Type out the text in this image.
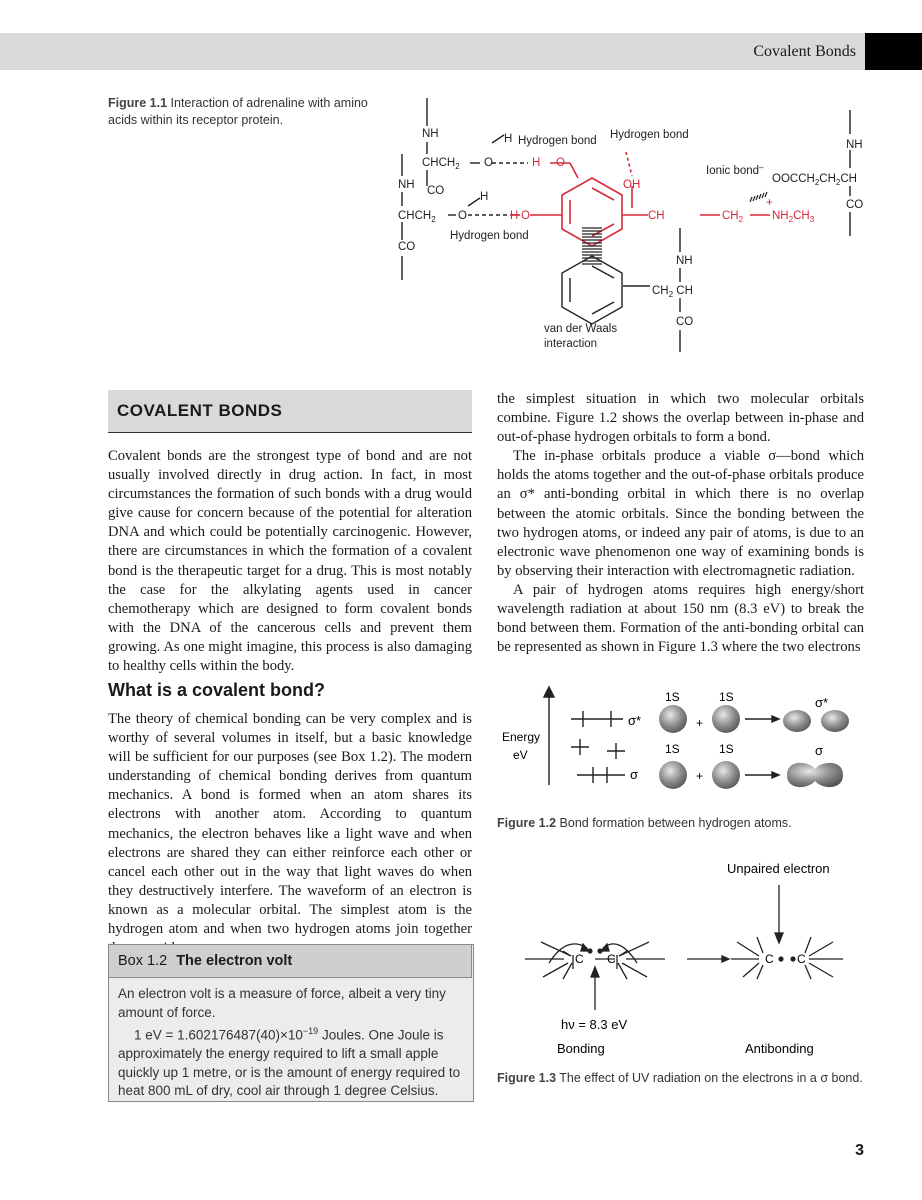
Covalent Bonds
Figure 1.1 Interaction of adrenaline with amino acids within its receptor protein.
NH
$CHCH_2$ O	H O
H Hydrogen bond Hydrogen bond
CO
NH
H
$CHCH_2$ O	H O
Hydrogen bond
CO
OH
CH	$CH_2$	$NH_2CH_3$
+
Ionic bond–
$OOCCH_2CH_2CH$
NH
CO
NH
$CH_2$ CH
CO
van der Waals
interaction
COVALENT BONDS

Covalent bonds are the strongest type of bond and are not usually involved directly in drug action. In fact, in most circumstances the formation of such bonds with a drug would give cause for concern because of the potential for alteration DNA and which could be potentially carcinogenic. However, there are circumstances in which the formation of a covalent bond is the therapeutic target for a drug. This is most notably the case for the alkylating agents used in cancer chemotherapy which are designed to form covalent bonds with the DNA of the cancerous cells and prevent them growing. As one might imagine, this process is also damaging to healthy cells within the body.

What is a covalent bond?

The theory of chemical bonding can be very complex and is worthy of several volumes in itself, but a basic knowledge will be sufficient for our purposes (see Box 1.2). The modern understanding of chemical bonding derives from quantum mechanics. A bond is formed when an atom shares its electrons with another atom. According to quantum mechanics, the electron behaves like a light wave and when electrons are shared they can either reinforce each other or cancel each other out in the way that light waves do when they destructively interfere. The waveform of an electron is known as a molecular orbital. The simplest atom is the hydrogen atom and when two hydrogen atoms join together

Box 1.2 The electron volt

An electron volt is a measure of force, albeit a very tiny amount of force.

1 eV = $1.602176487(40)\times 10^{-19}$ Joules. One Joule is approximately the energy required to lift a small apple quickly up 1 metre, or is the amount of energy required to heat 800 mL of dry, cool air through 1 degree Celsius.

the simplest situation in which two molecular orbitals combine. Figure 1.2 shows the overlap between in-phase and out-of-phase hydrogen orbitals to form a bond.

The in-phase orbitals produce a viable σ—bond which holds the atoms together and the out-of-phase orbitals produce an σ* anti-bonding orbital in which there is no overlap between the atomic orbitals. Since the bonding between the two hydrogen atoms, or indeed any pair of atoms, is due to an electronic wave phenomenon one way of examining bonds is by observing their interaction with electromagnetic radiation.

A pair of hydrogen atoms requires high energy/short wavelength radiation at about 150 nm (8.3 eV) to break the bond between them. Formation of the anti-bonding orbital can be represented as shown in Figure 1.3 where the two electrons

Energy
eV
σ*
σ
1S	1S
1S	1S
+
+
σ*
σ
Figure 1.2 Bond formation between hydrogen atoms.
Unpaired electron
C C	C C
hν = 8.3 eV
Bonding	Antibonding
Figure 1.3 The effect of UV radiation on the electrons in a σ bond.
3
